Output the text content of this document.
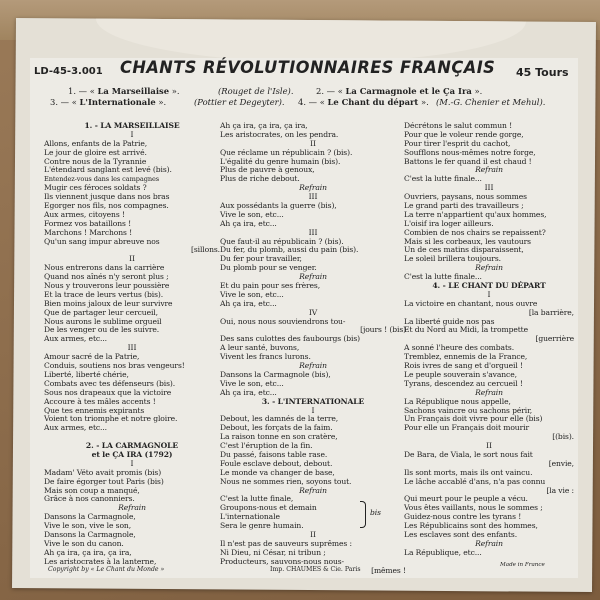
LD-45-3.001 CHANTS RÉVOLUTIONNAIRES FRANÇAIS 45 Tours
1. — « La Marseillaise ».	(Rouget de l'Isle).	2. — « La Carmagnole et le Ça Ira ».
3. — « L'Internationale ».	(Pottier et Degeyter). 4. — « Le Chant du départ ». (M.-G. Chenier et Mehul).
1. - LA MARSEILLAISE
I
Allons, enfants de la Patrie,
Le jour de gloire est arrivé.
Contre nous de la Tyrannie
L'étendard sanglant est levé (bis).
Entendez-vous dans les campagnes
Mugir ces féroces soldats ?
Ils viennent jusque dans nos bras
Egorger nos fils, nos compagnes.
Aux armes, citoyens !
Formez vos bataillons !
Marchons ! Marchons !
Qu'un sang impur abreuve nos
[sillons.
II
Nous entrerons dans la carrière
Quand nos aînés n'y seront plus ;
Nous y trouverons leur poussière
Et la trace de leurs vertus (bis).
Bien moins jaloux de leur survivre
Que de partager leur cercueil,
Nous aurons le sublime orgueil
De les venger ou de les suivre.
Aux armes, etc...
III
Amour sacré de la Patrie,
Conduis, soutiens nos bras vengeurs!
Liberté, liberté chérie,
Combats avec tes défenseurs (bis).
Sous nos drapeaux que la victoire
Accoure à tes mâles accents !
Que tes ennemis expirants
Voient ton triomphe et notre gloire.
Aux armes, etc...
2. - LA CARMAGNOLE
et le ÇA IRA (1792)
I
Madam' Véto avait promis (bis)
De faire égorger tout Paris (bis)
Mais son coup a manqué,
Grâce à nos canonniers.
Refrain
Dansons la Carmagnole,
Vive le son, vive le son,
Dansons la Carmagnole,
Vive le son du canon.
Ah ça ira, ça ira, ça ira,
Les aristocrates à la lanterne,
Ah ça ira, ça ira, ça ira,
Les aristocrates, on les pendra.
II
Que réclame un républicain ? (bis).
L'égalité du genre humain (bis).
Plus de pauvre à genoux,
Plus de riche debout.
Refrain
III
Aux possédants la guerre (bis),
Vive le son, etc...
Ah ça ira, etc...
III
Que faut-il au républicain ? (bis).
Du fer, du plomb, aussi du pain (bis).
Du fer pour travailler,
Du plomb pour se venger.
Refrain
Et du pain pour ses frères,
Vive le son, etc...
Ah ça ira, etc...
IV
Oui, nous nous souviendrons tou-
[jours ! (bis)
Des sans culottes des faubourgs (bis)
A leur santé, buvons,
Vivent les francs lurons.
Refrain
Dansons la Carmagnole (bis),
Vive le son, etc...
Ah ça ira, etc...
3. - L'INTERNATIONALE
I
Debout, les damnés de la terre,
Debout, les forçats de la faim.
La raison tonne en son cratère,
C'est l'éruption de la fin.
Du passé, faisons table rase.
Foule esclave debout, debout.
Le monde va changer de base,
Nous ne sommes rien, soyons tout.
Refrain
C'est la lutte finale,
Groupons-nous et demain
L'internationale
Sera le genre humain.
II
Il n'est pas de sauveurs suprêmes :
Ni Dieu, ni César, ni tribun ;
Producteurs, sauvons-nous nous-
[mêmes !
bis
Décrétons le salut commun !
Pour que le voleur rende gorge,
Pour tirer l'esprit du cachot,
Soufflons nous-mêmes notre forge,
Battons le fer quand il est chaud !
Refrain
C'est la lutte finale...
III
Ouvriers, paysans, nous sommes
Le grand parti des travailleurs ;
La terre n'appartient qu'aux hommes,
L'oisif ira loger ailleurs.
Combien de nos chairs se repaissent?
Mais si les corbeaux, les vautours
Un de ces matins disparaissent,
Le soleil brillera toujours.
Refrain
C'est la lutte finale...
4. - LE CHANT DU DÉPART
I
La victoire en chantant, nous ouvre
[la barrière,
La liberté guide nos pas
Et du Nord au Midi, la trompette
[guerrière
A sonné l'heure des combats.
Tremblez, ennemis de la France,
Rois ivres de sang et d'orgueil !
Le peuple souverain s'avance,
Tyrans, descendez au cercueil !
Refrain
La République nous appelle,
Sachons vaincre ou sachons périr,
Un Français doit vivre pour elle (bis)
Pour elle un Français doit mourir
[(bis).
II
De Bara, de Viala, le sort nous fait
[envie,
Ils sont morts, mais ils ont vaincu.
Le lâche accablé d'ans, n'a pas connu
[la vie :
Qui meurt pour le peuple a vécu.
Vous êtes vaillants, nous le sommes ;
Guidez-nous contre les tyrans !
Les Républicains sont des hommes,
Les esclaves sont des enfants.
Refrain
La République, etc...
Copyright by « Le Chant du Monde »	Imp. CHAUMES & Cie. Paris
Made in France
